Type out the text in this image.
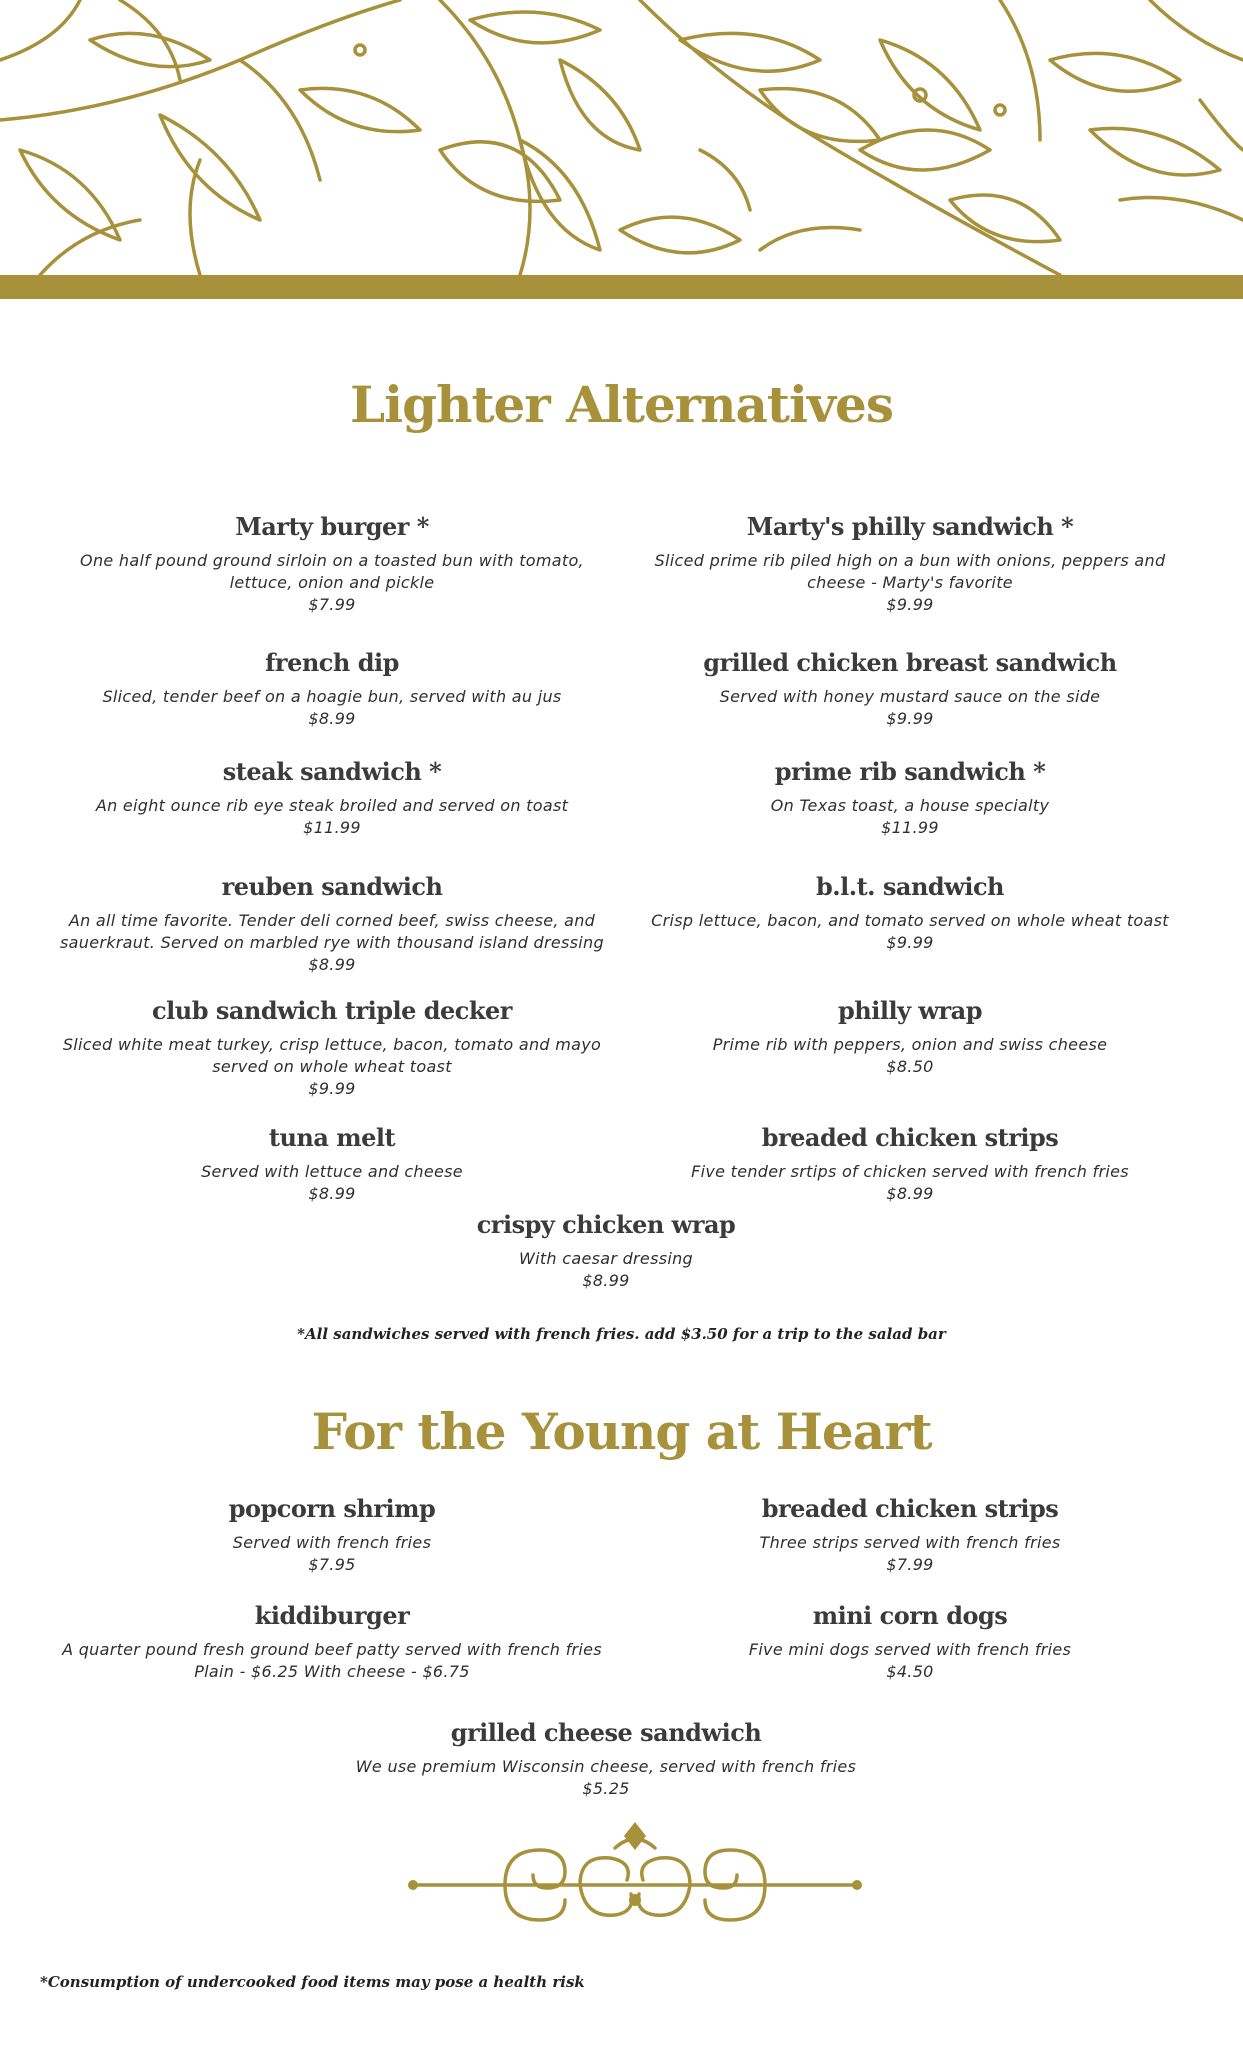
Lighter Alternatives
Marty burger *
One half pound ground sirloin on a toasted bun with tomato,
lettuce, onion and pickle
$7.99
Marty's philly sandwich *
Sliced prime rib piled high on a bun with onions, peppers and
cheese - Marty's favorite
$9.99
french dip
Sliced, tender beef on a hoagie bun, served with au jus
$8.99
grilled chicken breast sandwich
Served with honey mustard sauce on the side
$9.99
steak sandwich *
An eight ounce rib eye steak broiled and served on toast
$11.99
prime rib sandwich *
On Texas toast, a house specialty
$11.99
reuben sandwich
An all time favorite. Tender deli corned beef, swiss cheese, and
sauerkraut. Served on marbled rye with thousand island dressing
$8.99
b.l.t. sandwich
Crisp lettuce, bacon, and tomato served on whole wheat toast
$9.99
club sandwich triple decker
Sliced white meat turkey, crisp lettuce, bacon, tomato and mayo
served on whole wheat toast
$9.99
philly wrap
Prime rib with peppers, onion and swiss cheese
$8.50
tuna melt
Served with lettuce and cheese
$8.99
breaded chicken strips
Five tender srtips of chicken served with french fries
$8.99
crispy chicken wrap
With caesar dressing
$8.99
*All sandwiches served with french fries. add $3.50 for a trip to the salad bar
For the Young at Heart
popcorn shrimp
Served with french fries
$7.95
breaded chicken strips
Three strips served with french fries
$7.99
kiddiburger
A quarter pound fresh ground beef patty served with french fries
Plain - $6.25 With cheese - $6.75
mini corn dogs
Five mini dogs served with french fries
$4.50
grilled cheese sandwich
We use premium Wisconsin cheese, served with french fries
$5.25
*Consumption of undercooked food items may pose a health risk
